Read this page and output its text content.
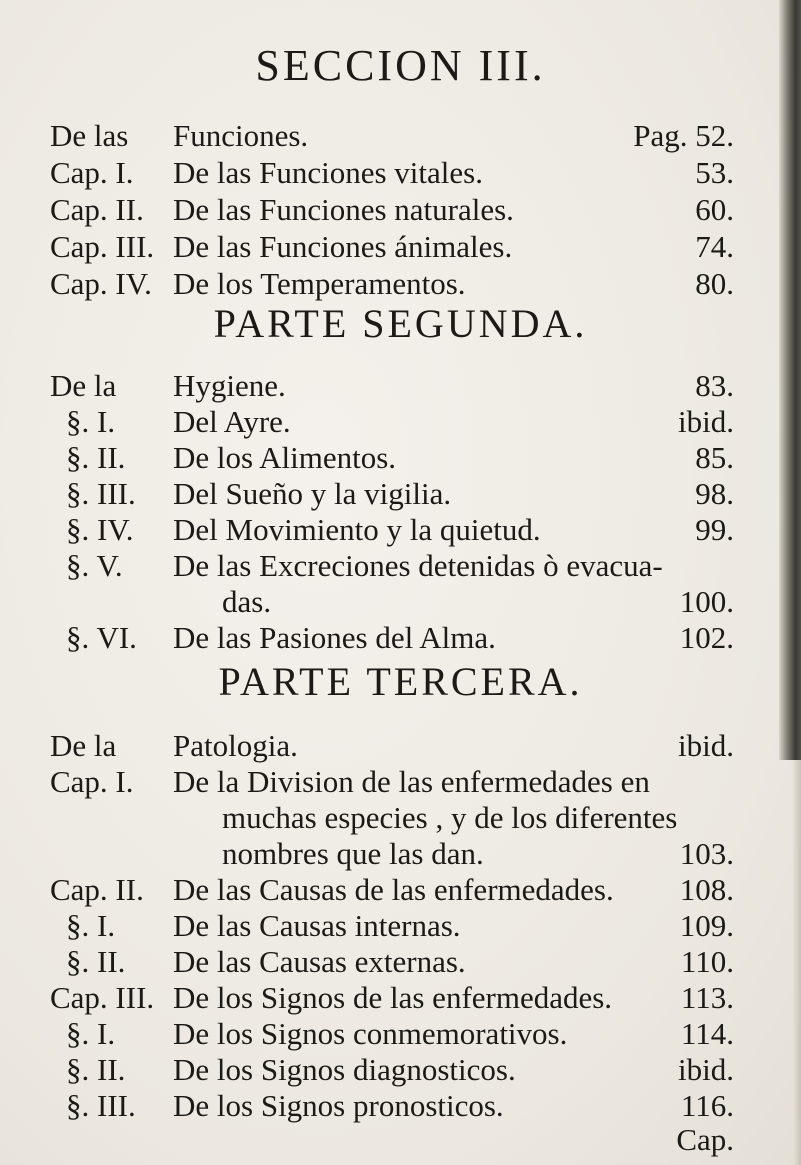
SECCION III.
De las Funciones.	Pag. 52.
Cap. I. De las Funciones vitales.	53.
Cap. II. De las Funciones naturales.	60.
Cap. III. De las Funciones ánimales.	74.
Cap. IV. De los Temperamentos.	80.
PARTE SEGUNDA.
De la Hygiene.	83.
§. I. Del Ayre.	ibid.
§. II. De los Alimentos.	85.
§. III. Del Sueño y la vigilia.	98.
§. IV. Del Movimiento y la quietud.	99.
§. V. De las Excreciones detenidas ò evacua-
das.	100.
§. VI. De las Pasiones del Alma.	102.
PARTE TERCERA.
De la Patologia.	ibid.
Cap. I. De la Division de las enfermedades en
muchas especies , y de los diferentes
nombres que las dan.	103.
Cap. II. De las Causas de las enfermedades.	108.
§. I. De las Causas internas.	109.
§. II. De las Causas externas.	110.
Cap. III. De los Signos de las enfermedades.	113.
§. I. De los Signos conmemorativos.	114.
§. II. De los Signos diagnosticos.	ibid.
§. III. De los Signos pronosticos.	116.
Cap.
